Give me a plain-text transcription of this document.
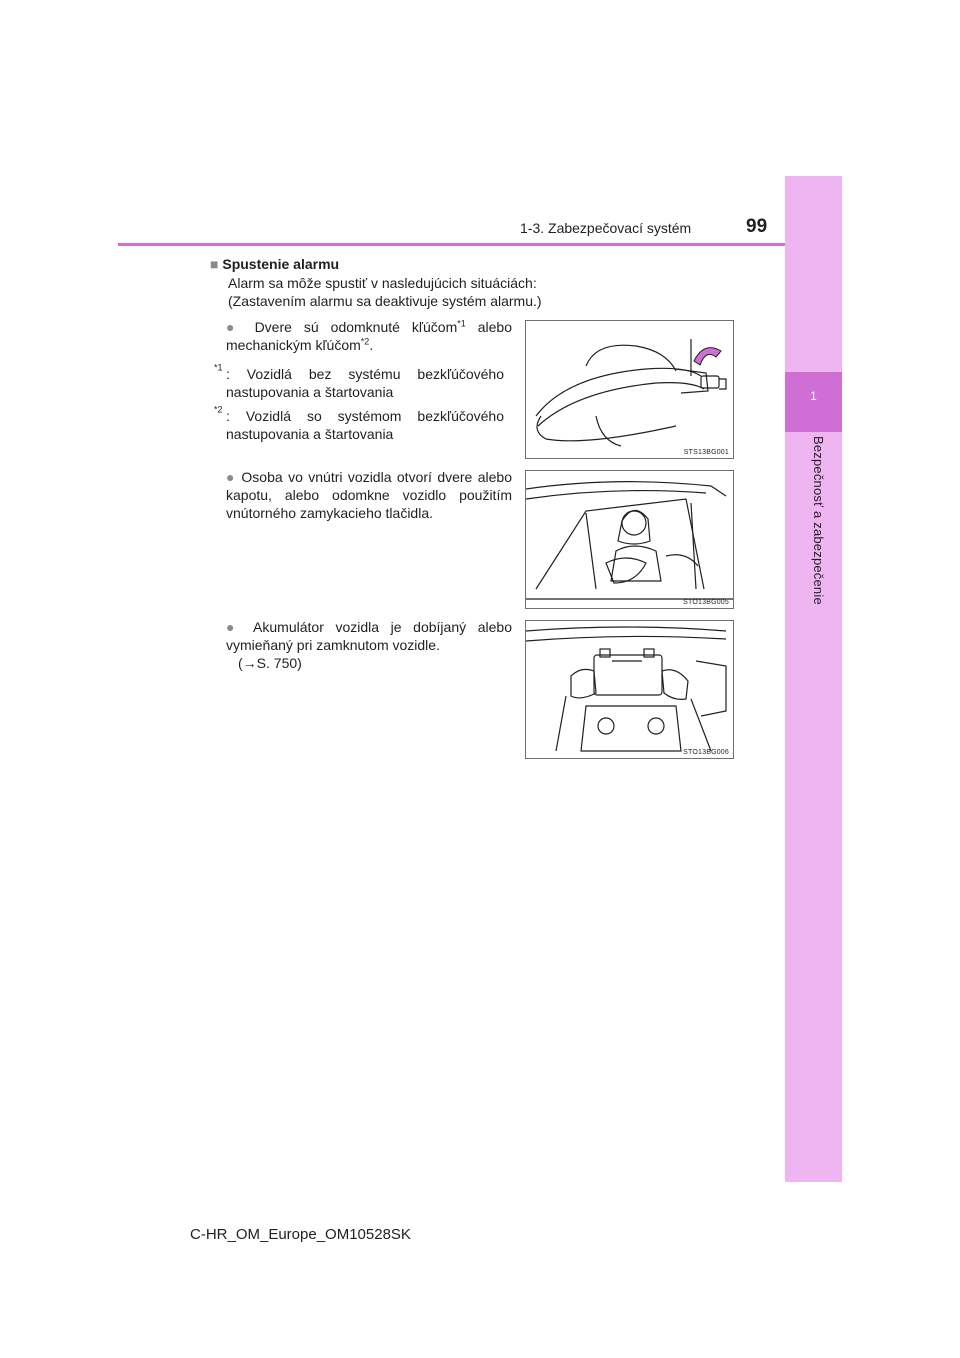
1
Bezpečnosť a zabezpečenie
1-3. Zabezpečovací systém	99
■ Spustenie alarmu
Alarm sa môže spustiť v nasledujúcich situáciách:
(Zastavením alarmu sa deaktivuje systém alarmu.)
● Dvere sú odomknuté kľúčom$^{*1}$ alebo mechanickým kľúčom$^{*2}$.
$^{*1}$ : Vozidlá bez systému bezkľúčového nastupovania a štartovania
$^{*2}$ : Vozidlá so systémom bezkľúčového nastupovania a štartovania
STS13BG001
● Osoba vo vnútri vozidla otvorí dvere alebo kapotu, alebo odomkne vozidlo použitím vnútorného zamykacieho tlačidla.
STO13BG005
● Akumulátor vozidla je dobíjaný alebo vymieňaný pri zamknutom vozidle.
(→S. 750)
STO13BG006
C-HR_OM_Europe_OM10528SK
